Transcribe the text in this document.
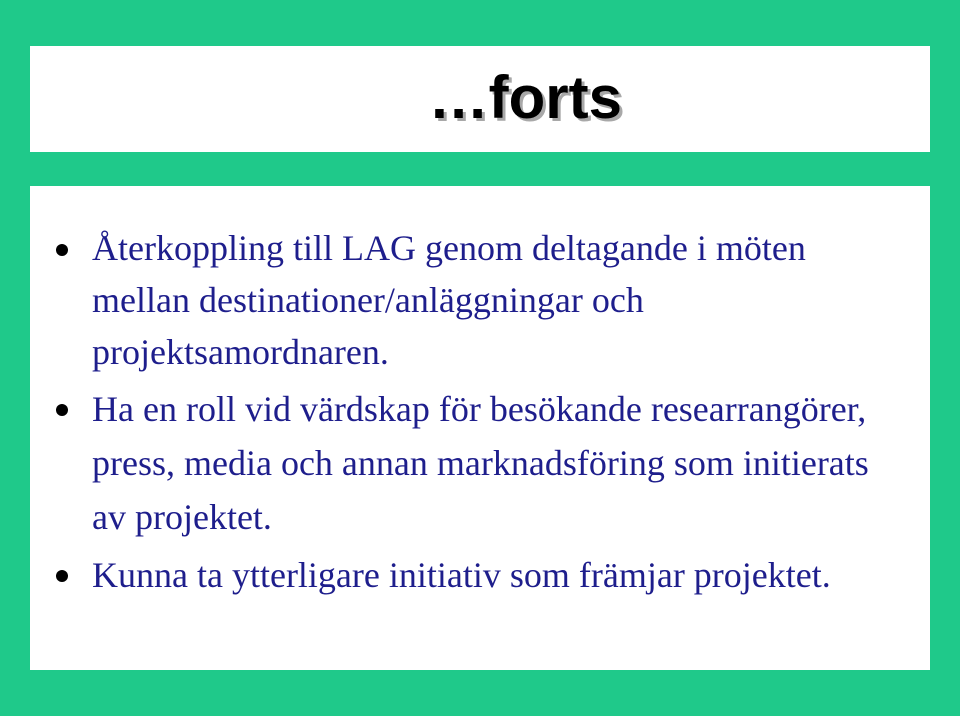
…forts
Återkoppling till LAG genom deltagande i möten mellan destinationer/anläggningar och projektsamordnaren.
Ha en roll vid värdskap för besökande researrangörer, press, media och annan marknadsföring som initierats av projektet.
Kunna ta ytterligare initiativ som främjar projektet.
